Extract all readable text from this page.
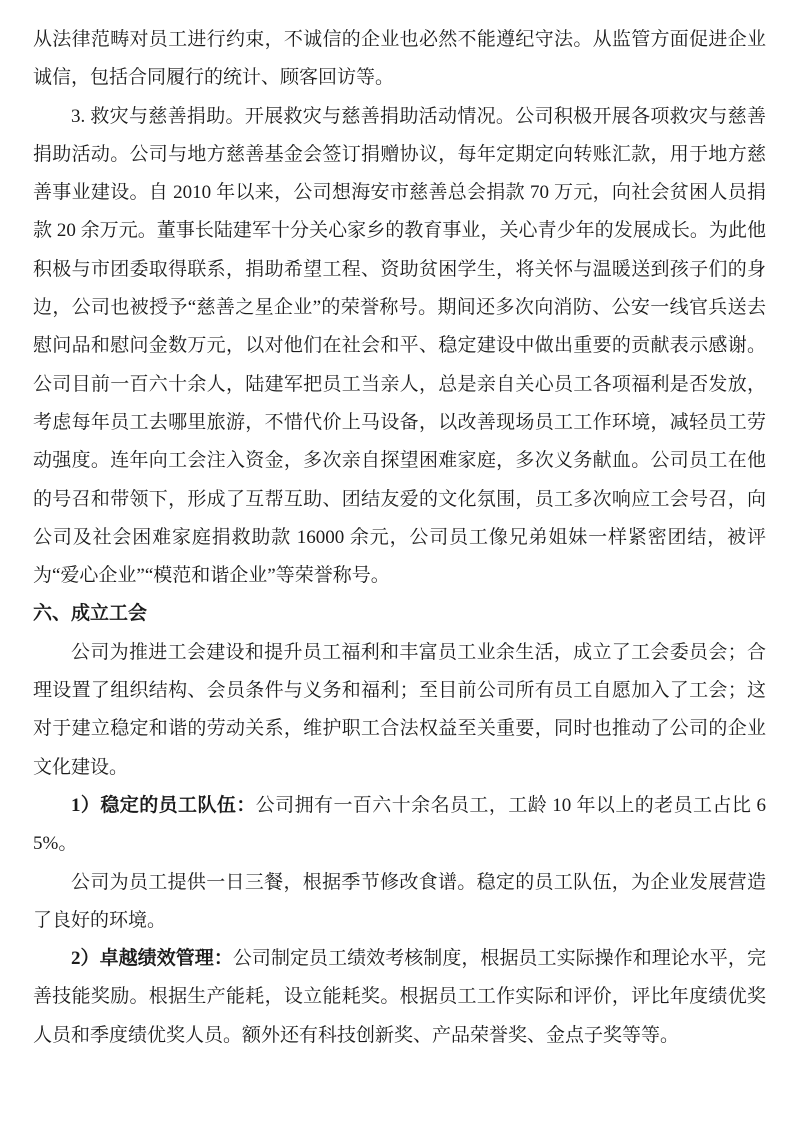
从法律范畴对员工进行约束，不诚信的企业也必然不能遵纪守法。从监管方面促进企业诚信，包括合同履行的统计、顾客回访等。

3. 救灾与慈善捐助。开展救灾与慈善捐助活动情况。公司积极开展各项救灾与慈善捐助活动。公司与地方慈善基金会签订捐赠协议，每年定期定向转账汇款，用于地方慈善事业建设。自 2010 年以来，公司想海安市慈善总会捐款 70 万元，向社会贫困人员捐款 20 余万元。董事长陆建军十分关心家乡的教育事业，关心青少年的发展成长。为此他积极与市团委取得联系，捐助希望工程、资助贫困学生，将关怀与温暖送到孩子们的身边，公司也被授予“慈善之星企业”的荣誉称号。期间还多次向消防、公安一线官兵送去慰问品和慰问金数万元，以对他们在社会和平、稳定建设中做出重要的贡献表示感谢。公司目前一百六十余人，陆建军把员工当亲人，总是亲自关心员工各项福利是否发放，考虑每年员工去哪里旅游，不惜代价上马设备，以改善现场员工工作环境，减轻员工劳动强度。连年向工会注入资金，多次亲自探望困难家庭，多次义务献血。公司员工在他的号召和带领下，形成了互帮互助、团结友爱的文化氛围，员工多次响应工会号召，向公司及社会困难家庭捐救助款 16000 余元，公司员工像兄弟姐妹一样紧密团结，被评为“爱心企业”“模范和谐企业”等荣誉称号。

六、成立工会

公司为推进工会建设和提升员工福利和丰富员工业余生活，成立了工会委员会；合理设置了组织结构、会员条件与义务和福利；至目前公司所有员工自愿加入了工会；这对于建立稳定和谐的劳动关系，维护职工合法权益至关重要，同时也推动了公司的企业文化建设。

1）稳定的员工队伍：公司拥有一百六十余名员工，工龄 10 年以上的老员工占比 65%。

公司为员工提供一日三餐，根据季节修改食谱。稳定的员工队伍，为企业发展营造了良好的环境。

2）卓越绩效管理：公司制定员工绩效考核制度，根据员工实际操作和理论水平，完善技能奖励。根据生产能耗，设立能耗奖。根据员工工作实际和评价，评比年度绩优奖人员和季度绩优奖人员。额外还有科技创新奖、产品荣誉奖、金点子奖等等。
